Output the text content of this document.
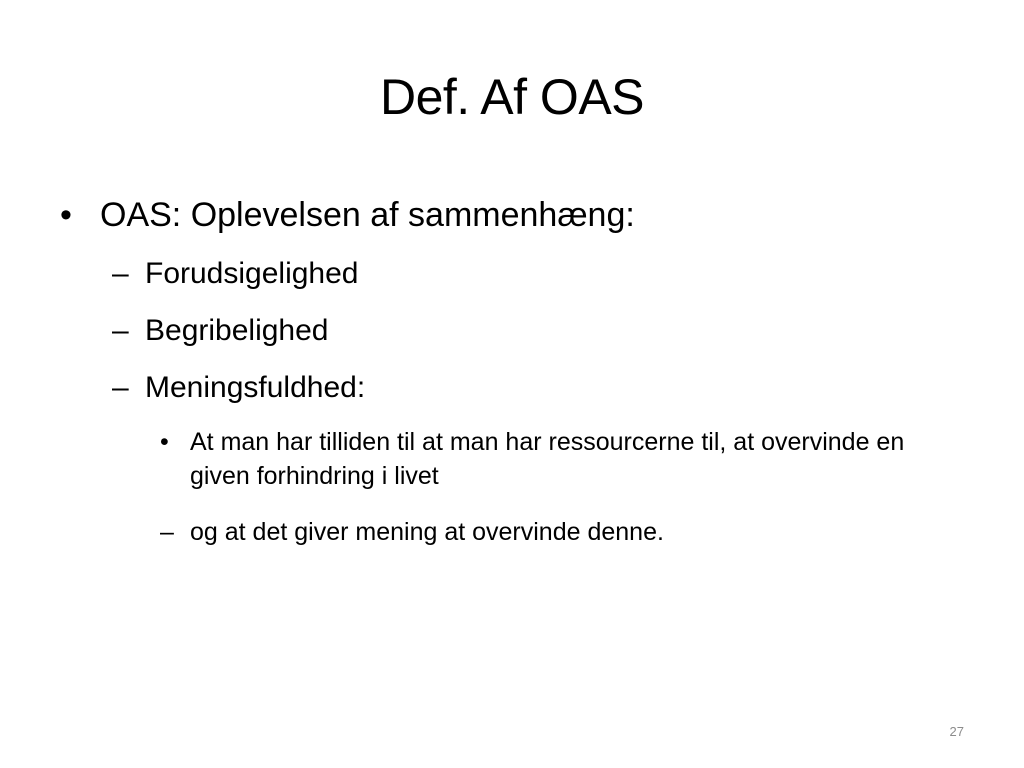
Def. Af OAS
• OAS: Oplevelsen af sammenhæng:
– Forudsigelighed
– Begribelighed
– Meningsfuldhed:
• At man har tilliden til at man har ressourcerne til, at overvinde en given forhindring i livet
– og at det giver mening at overvinde denne.
27
